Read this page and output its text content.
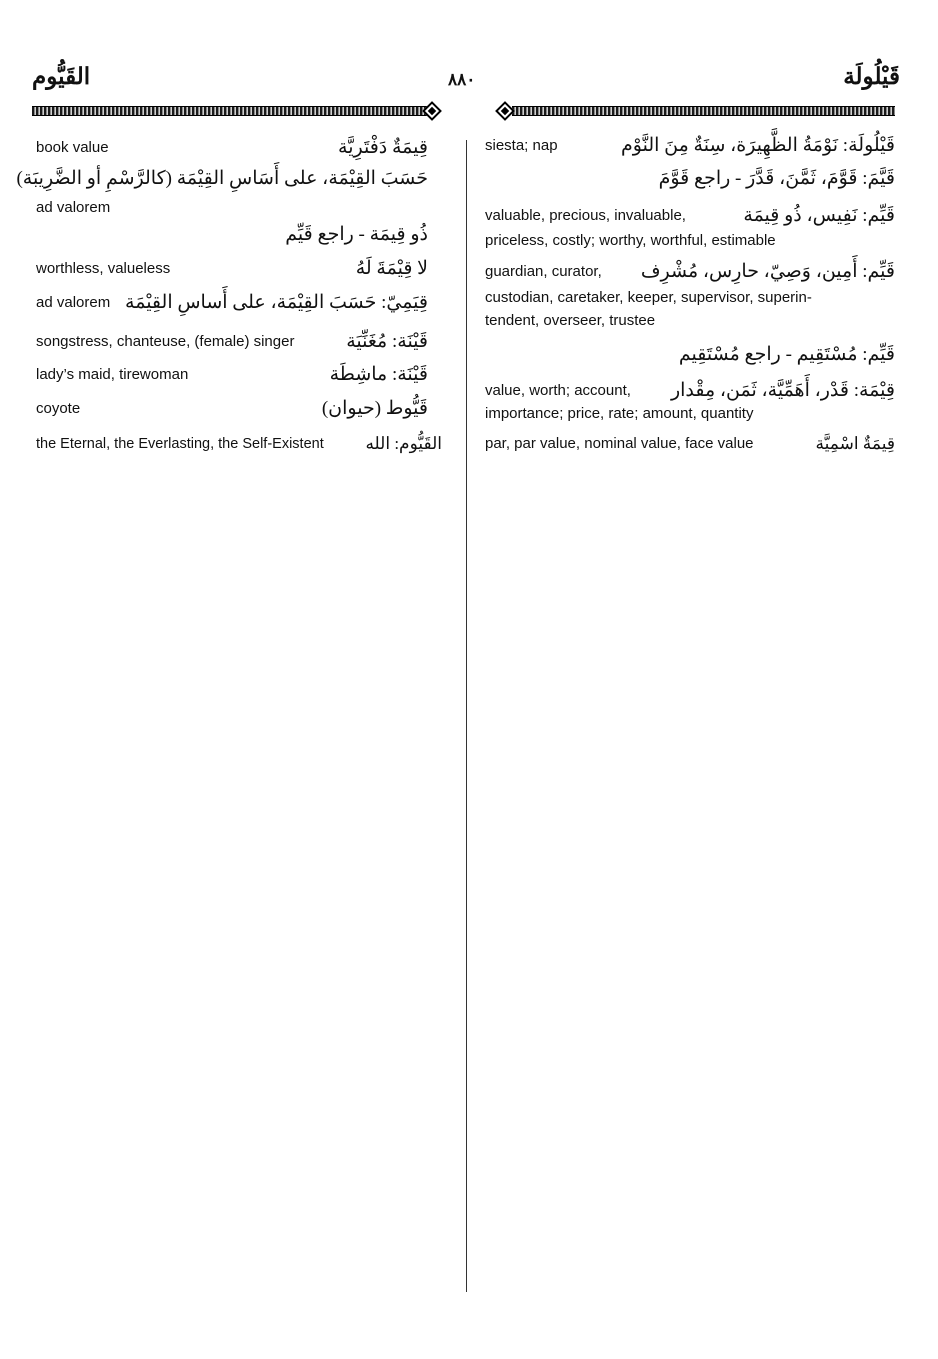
القَيُّوم	٨٨٠	قَيْلُولَة
book value	قِيمَةٌ دَفْتَرِيَّة
حَسَبَ القِيْمَة، على أَسَاسِ القِيْمَة (كالرَّسْمِ أو الضَّرِيبَة)
ad valorem
ذُو قِيمَة - راجع قَيِّم
worthless, valueless	لا قِيْمَةَ لَهُ
ad valorem قِيَمِيّ: حَسَبَ القِيْمَة، على أَساسِ القِيْمَة
songstress, chanteuse, (female) singer	قَيْنَة: مُغَنِّيَة
lady’s maid, tirewoman	قَيْنَة: ماشِطَة
coyote	قَيُّوط (حيوان)
the Eternal, the Everlasting, the Self-Existent القَيُّوم: الله
siesta; nap	قَيْلُولَة: نَوْمَةُ الظَّهِيرَة، سِنَةٌ مِنَ النَّوْم
قَيَّمَ: قَوَّمَ، ثَمَّنَ، قَدَّرَ - راجع قَوَّمَ
valuable, precious, invaluable,	قَيِّم: نَفِيس، ذُو قِيمَة
priceless, costly; worthy, worthful, estimable
guardian, curator, قَيِّم: أَمِين، وَصِيّ، حارِس، مُشْرِف
custodian, caretaker, keeper, supervisor, superin-
tendent, overseer, trustee
قَيِّم: مُسْتَقِيم - راجع مُسْتَقِيم
value, worth; account, قِيْمَة: قَدْر، أَهَمِّيَّة، ثَمَن، مِقْدار
importance; price, rate; amount, quantity
par, par value, nominal value, face value	قِيمَةٌ اسْمِيَّة
